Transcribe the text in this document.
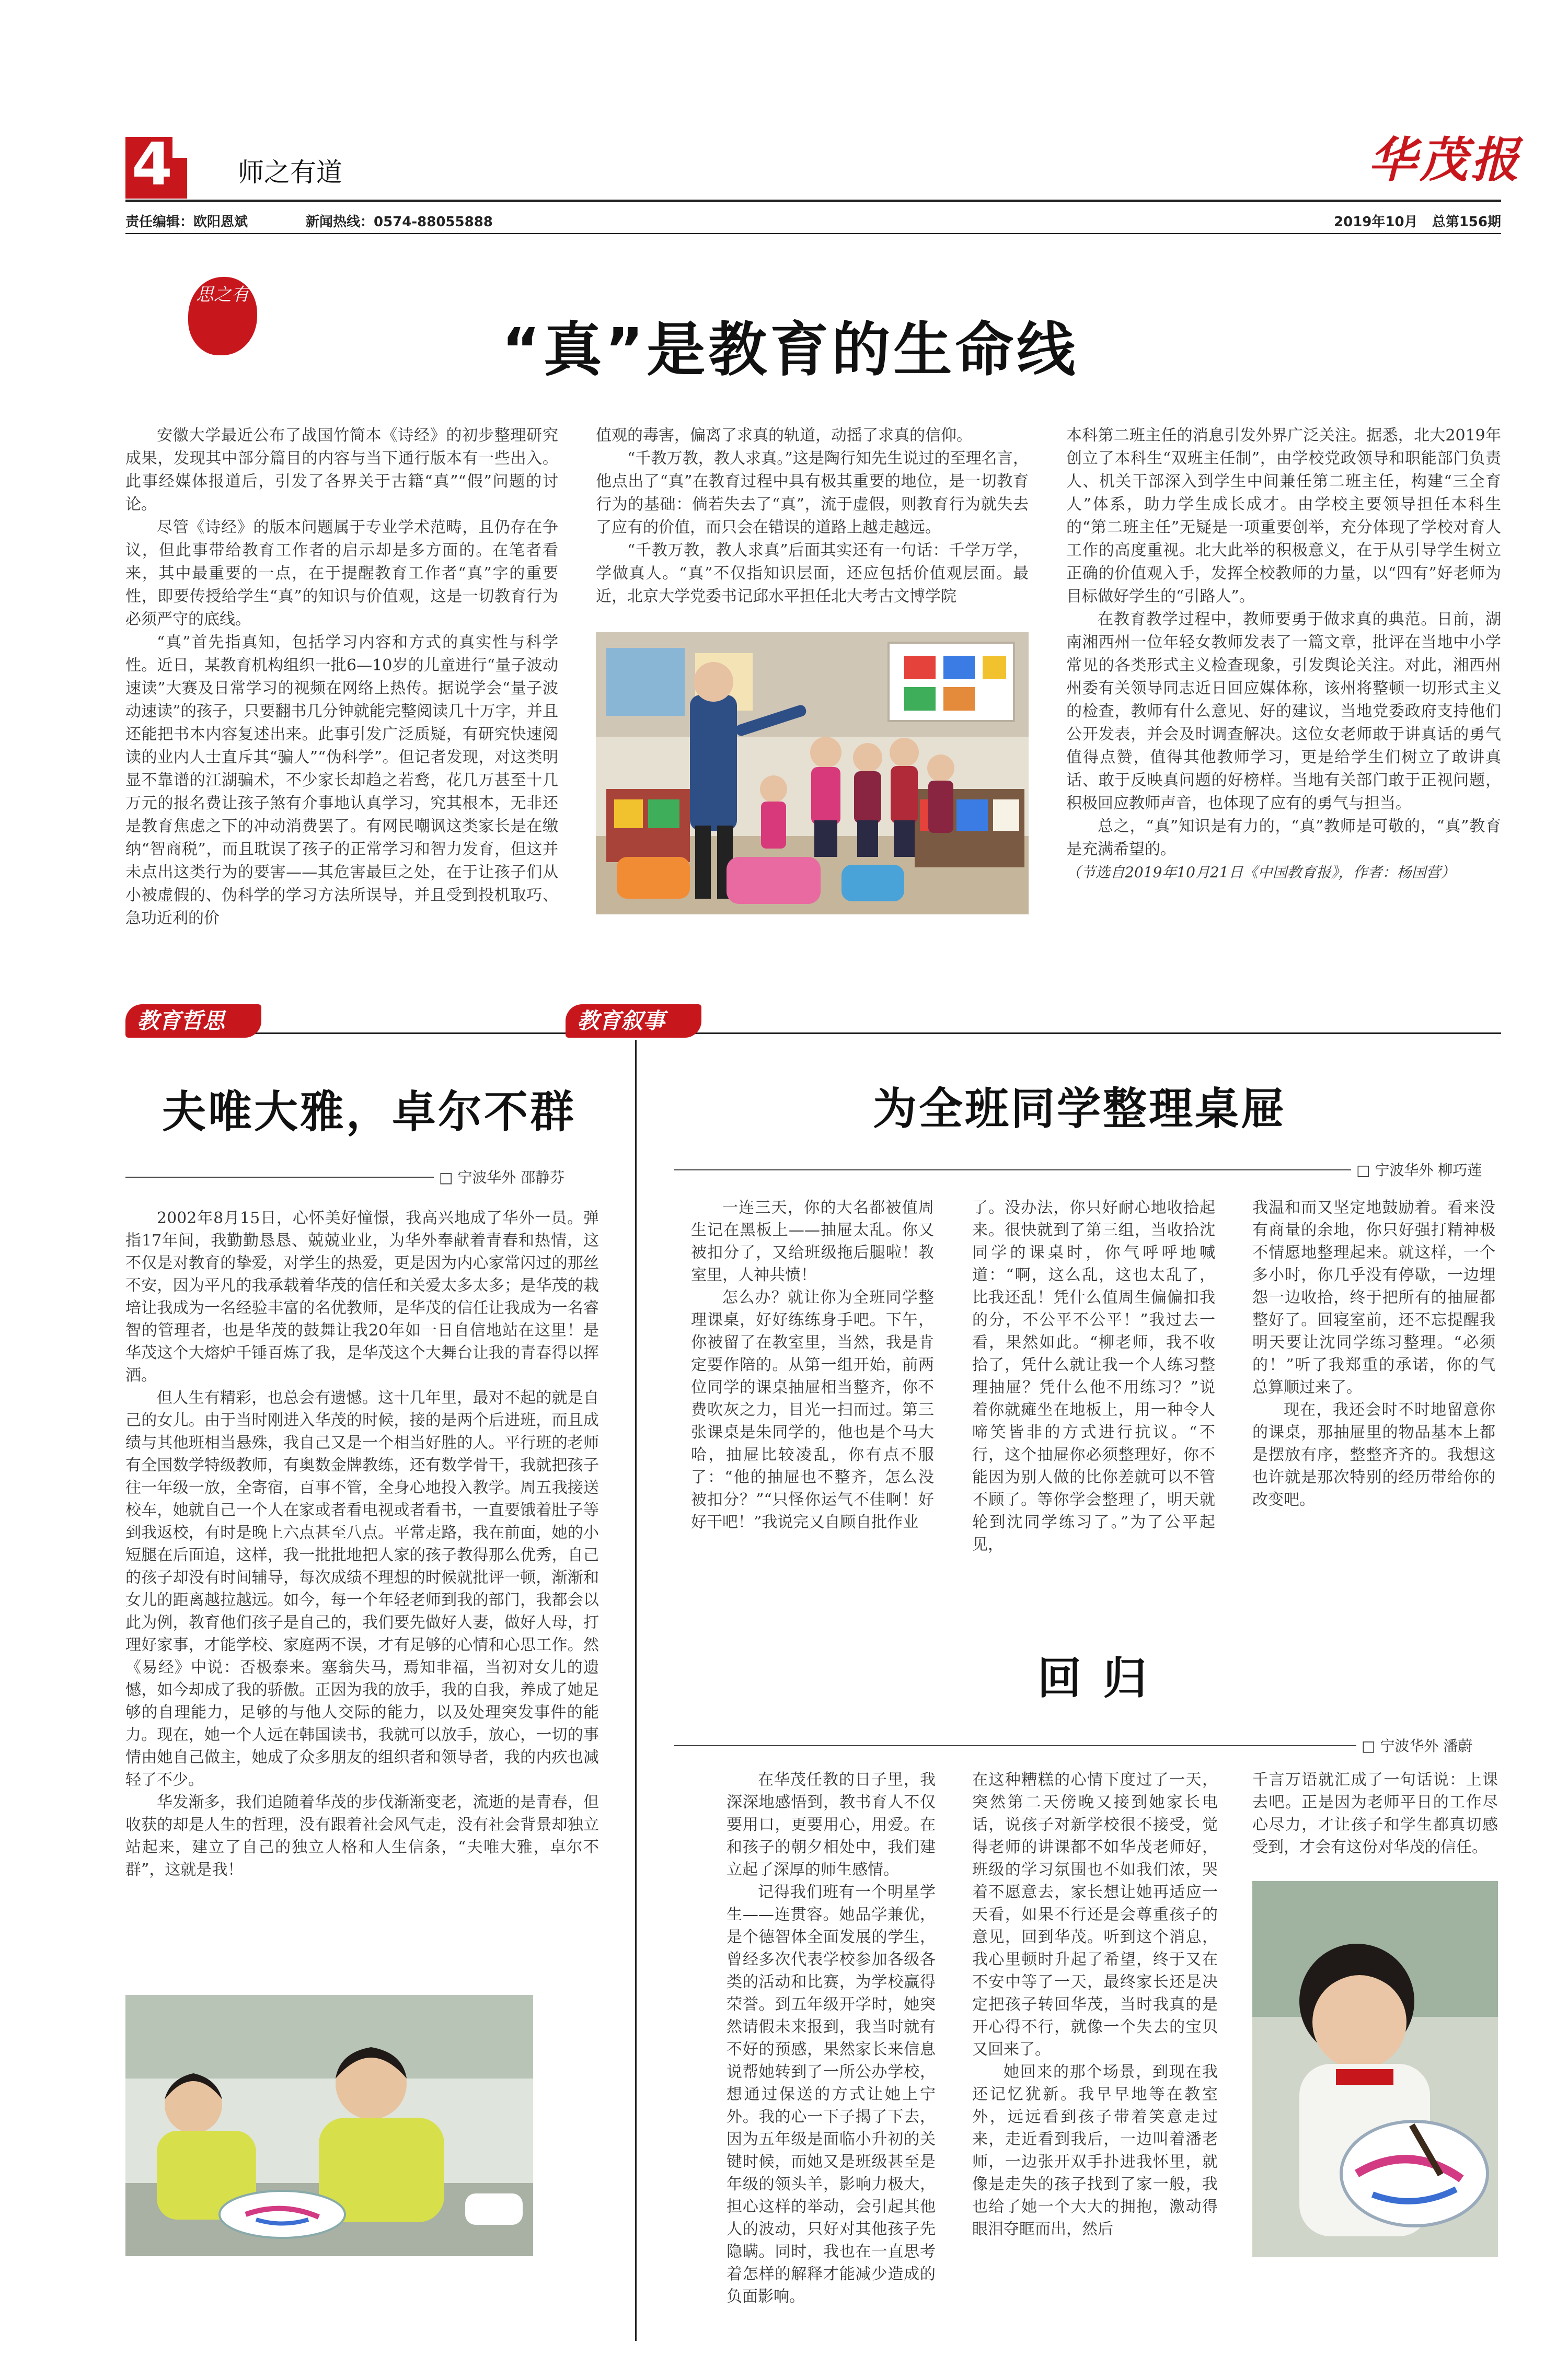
4	师之有道	华茂报
责任编辑：欧阳恩斌	新闻热线：0574-88055888	2019年10月   总第156期
思之有
“真”是教育的生命线

安徽大学最近公布了战国竹简本《诗经》的初步整理研究成果，发现其中部分篇目的内容与当下通行版本有一些出入。此事经媒体报道后，引发了各界关于古籍“真”“假”问题的讨论。

尽管《诗经》的版本问题属于专业学术范畴，且仍存在争议，但此事带给教育工作者的启示却是多方面的。在笔者看来，其中最重要的一点，在于提醒教育工作者“真”字的重要性，即要传授给学生“真”的知识与价值观，这是一切教育行为必须严守的底线。

“真”首先指真知，包括学习内容和方式的真实性与科学性。近日，某教育机构组织一批6—10岁的儿童进行“量子波动速读”大赛及日常学习的视频在网络上热传。据说学会“量子波动速读”的孩子，只要翻书几分钟就能完整阅读几十万字，并且还能把书本内容复述出来。此事引发广泛质疑，有研究快速阅读的业内人士直斥其“骗人”“伪科学”。但记者发现，对这类明显不靠谱的江湖骗术，不少家长却趋之若鹜，花几万甚至十几万元的报名费让孩子煞有介事地认真学习，究其根本，无非还是教育焦虑之下的冲动消费罢了。有网民嘲讽这类家长是在缴纳“智商税”，而且耽误了孩子的正常学习和智力发育，但这并未点出这类行为的要害——其危害最巨之处，在于让孩子们从小被虚假的、伪科学的学习方法所误导，并且受到投机取巧、急功近利的价

值观的毒害，偏离了求真的轨道，动摇了求真的信仰。

“千教万教，教人求真。”这是陶行知先生说过的至理名言，他点出了“真”在教育过程中具有极其重要的地位，是一切教育行为的基础：倘若失去了“真”，流于虚假，则教育行为就失去了应有的价值，而只会在错误的道路上越走越远。

“千教万教，教人求真”后面其实还有一句话：千学万学，学做真人。“真”不仅指知识层面，还应包括价值观层面。最近，北京大学党委书记邱水平担任北大考古文博学院

本科第二班主任的消息引发外界广泛关注。据悉，北大2019年创立了本科生“双班主任制”，由学校党政领导和职能部门负责人、机关干部深入到学生中间兼任第二班主任，构建“三全育人”体系，助力学生成长成才。由学校主要领导担任本科生的“第二班主任”无疑是一项重要创举，充分体现了学校对育人工作的高度重视。北大此举的积极意义，在于从引导学生树立正确的价值观入手，发挥全校教师的力量，以“四有”好老师为目标做好学生的“引路人”。

在教育教学过程中，教师要勇于做求真的典范。日前，湖南湘西州一位年轻女教师发表了一篇文章，批评在当地中小学常见的各类形式主义检查现象，引发舆论关注。对此，湘西州州委有关领导同志近日回应媒体称，该州将整顿一切形式主义的检查，教师有什么意见、好的建议，当地党委政府支持他们公开发表，并会及时调查解决。这位女老师敢于讲真话的勇气值得点赞，值得其他教师学习，更是给学生们树立了敢讲真话、敢于反映真问题的好榜样。当地有关部门敢于正视问题，积极回应教师声音，也体现了应有的勇气与担当。

总之，“真”知识是有力的，“真”教师是可敬的，“真”教育是充满希望的。

（节选自2019年10月21日《中国教育报》，作者：杨国营）

教育哲思
夫唯大雅，卓尔不群
□ 宁波华外 邵静芬

2002年8月15日，心怀美好憧憬，我高兴地成了华外一员。弹指17年间，我勤勤恳恳、兢兢业业，为华外奉献着青春和热情，这不仅是对教育的挚爱，对学生的热爱，更是因为内心家常闪过的那丝不安，因为平凡的我承载着华茂的信任和关爱太多太多；是华茂的栽培让我成为一名经验丰富的名优教师，是华茂的信任让我成为一名睿智的管理者，也是华茂的鼓舞让我20年如一日自信地站在这里！是华茂这个大熔炉千锤百炼了我，是华茂这个大舞台让我的青春得以挥洒。

但人生有精彩，也总会有遗憾。这十几年里，最对不起的就是自己的女儿。由于当时刚进入华茂的时候，接的是两个后进班，而且成绩与其他班相当悬殊，我自己又是一个相当好胜的人。平行班的老师有全国数学特级教师，有奥数金牌教练，还有数学骨干，我就把孩子往一年级一放，全寄宿，百事不管，全身心地投入教学。周五我接送校车，她就自己一个人在家或者看电视或者看书，一直要饿着肚子等到我返校，有时是晚上六点甚至八点。平常走路，我在前面，她的小短腿在后面追，这样，我一批批地把人家的孩子教得那么优秀，自己的孩子却没有时间辅导，每次成绩不理想的时候就批评一顿，渐渐和女儿的距离越拉越远。如今，每一个年轻老师到我的部门，我都会以此为例，教育他们孩子是自己的，我们要先做好人妻，做好人母，打理好家事，才能学校、家庭两不误，才有足够的心情和心思工作。然《易经》中说：否极泰来。塞翁失马，焉知非福，当初对女儿的遗憾，如今却成了我的骄傲。正因为我的放手，我的自我，养成了她足够的自理能力，足够的与他人交际的能力，以及处理突发事件的能力。现在，她一个人远在韩国读书，我就可以放手，放心，一切的事情由她自己做主，她成了众多朋友的组织者和领导者，我的内疚也减轻了不少。

华发渐多，我们追随着华茂的步伐渐渐变老，流逝的是青春，但收获的却是人生的哲理，没有跟着社会风气走，没有社会背景却独立站起来，建立了自己的独立人格和人生信条，“夫唯大雅，卓尔不群”，这就是我！

教育叙事
为全班同学整理桌屉
□ 宁波华外 柳巧莲

一连三天，你的大名都被值周生记在黑板上——抽屉太乱。你又被扣分了，又给班级拖后腿啦！教室里，人神共愤！

怎么办？就让你为全班同学整理课桌，好好练练身手吧。下午，你被留了在教室里，当然，我是肯定要作陪的。从第一组开始，前两位同学的课桌抽屉相当整齐，你不费吹灰之力，目光一扫而过。第三张课桌是朱同学的，他也是个马大哈，抽屉比较凌乱，你有点不服了：“他的抽屉也不整齐，怎么没被扣分？”“只怪你运气不佳啊！好好干吧！”我说完又自顾自批作业

了。没办法，你只好耐心地收拾起来。很快就到了第三组，当收拾沈同学的课桌时，你气呼呼地喊道：“啊，这么乱，这也太乱了，比我还乱！凭什么值周生偏偏扣我的分，不公平不公平！”我过去一看，果然如此。“柳老师，我不收拾了，凭什么就让我一个人练习整理抽屉？凭什么他不用练习？”说着你就瘫坐在地板上，用一种令人啼笑皆非的方式进行抗议。“不行，这个抽屉你必须整理好，你不能因为别人做的比你差就可以不管不顾了。等你学会整理了，明天就轮到沈同学练习了。”为了公平起见，

我温和而又坚定地鼓励着。看来没有商量的余地，你只好强打精神极不情愿地整理起来。就这样，一个多小时，你几乎没有停歇，一边埋怨一边收拾，终于把所有的抽屉都整好了。回寝室前，还不忘提醒我明天要让沈同学练习整理。“必须的！”听了我郑重的承诺，你的气总算顺过来了。

现在，我还会时不时地留意你的课桌，那抽屉里的物品基本上都是摆放有序，整整齐齐的。我想这也许就是那次特别的经历带给你的改变吧。

回 归
□ 宁波华外 潘蔚

在华茂任教的日子里，我深深地感悟到，教书育人不仅要用口，更要用心，用爱。在和孩子的朝夕相处中，我们建立起了深厚的师生感情。

记得我们班有一个明星学生——连贯容。她品学兼优，是个德智体全面发展的学生，曾经多次代表学校参加各级各类的活动和比赛，为学校赢得荣誉。到五年级开学时，她突然请假未来报到，我当时就有不好的预感，果然家长来信息说帮她转到了一所公办学校，想通过保送的方式让她上宁外。我的心一下子揭了下去，因为五年级是面临小升初的关键时候，而她又是班级甚至是年级的领头羊，影响力极大，担心这样的举动，会引起其他人的波动，只好对其他孩子先隐瞒。同时，我也在一直思考着怎样的解释才能减少造成的负面影响。

在这种糟糕的心情下度过了一天，突然第二天傍晚又接到她家长电话，说孩子对新学校很不接受，觉得老师的讲课都不如华茂老师好，班级的学习氛围也不如我们浓，哭着不愿意去，家长想让她再适应一天看，如果不行还是会尊重孩子的意见，回到华茂。听到这个消息，我心里顿时升起了希望，终于又在不安中等了一天，最终家长还是决定把孩子转回华茂，当时我真的是开心得不行，就像一个失去的宝贝又回来了。

她回来的那个场景，到现在我还记忆犹新。我早早地等在教室外，远远看到孩子带着笑意走过来，走近看到我后，一边叫着潘老师，一边张开双手扑进我怀里，就像是走失的孩子找到了家一般，我也给了她一个大大的拥抱，激动得眼泪夺眶而出，然后

千言万语就汇成了一句话说：上课去吧。正是因为老师平日的工作尽心尽力，才让孩子和学生都真切感受到，才会有这份对华茂的信任。
